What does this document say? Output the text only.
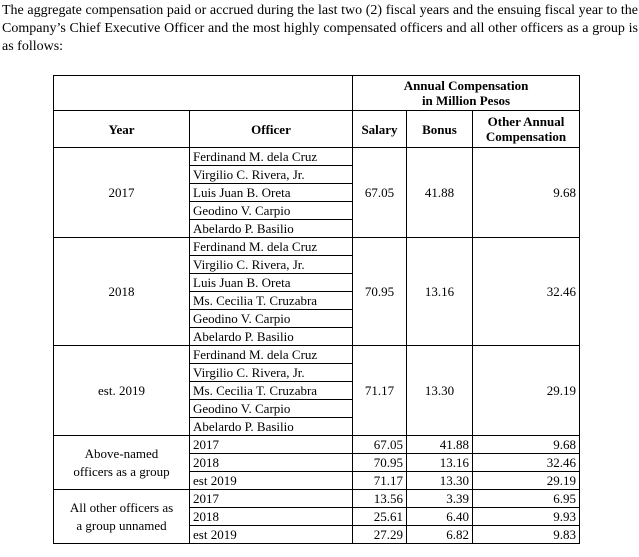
The aggregate compensation paid or accrued during the last two (2) fiscal years and the ensuing fiscal year to the Company’s Chief Executive Officer and the most highly compensated officers and all other officers as a group is as follows:

		Annual Compensation
in Million Pesos		

Year	Officer	Salary	Bonus	Other Annual
Compensation

2017	Ferdinand M. dela Cruz	67.05	41.88	9.68
	Virgilio C. Rivera, Jr.			
	Luis Juan B. Oreta			
	Geodino V. Carpio			
	Abelardo P. Basilio			
2018	Ferdinand M. dela Cruz	70.95	13.16	32.46
	Virgilio C. Rivera, Jr.			
	Luis Juan B. Oreta			
	Ms. Cecilia T. Cruzabra			
	Geodino V. Carpio			
	Abelardo P. Basilio			
est. 2019	Ferdinand M. dela Cruz	71.17	13.30	29.19
	Virgilio C. Rivera, Jr.			
	Ms. Cecilia T. Cruzabra			
	Geodino V. Carpio			
	Abelardo P. Basilio			

Above-named
officers as a group	2017	67.05	41.88	9.68
	2018	70.95	13.16	32.46
	est 2019	71.17	13.30	29.19

All other officers as
a group unnamed	2017	13.56	3.39	6.95
	2018	25.61	6.40	9.93
	est 2019	27.29	6.82	9.83
